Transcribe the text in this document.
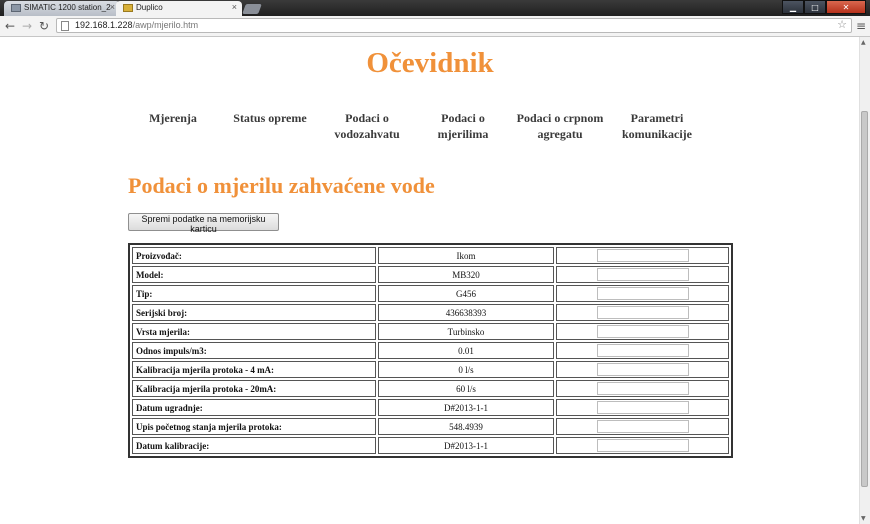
SIMATIC 1200 station_2 ×	Duplico	×	▁	□	✕
← → ↻	192.168.1.228/awp/mjerilo.htm	☆ ≡
▲
▼
Očevidnik
Mjerenja	Status opreme	Podaci o
vodozahvatu
Podaci o
mjerilima
Podaci o crpnom
agregatu
Parametri
komunikacije
Podaci o mjerilu zahvaćene vode
Spremi podatke na memorijsku karticu
Proizvođač:	Ikom	
Model:	MB320	
Tip:	G456	
Serijski broj:	436638393	
Vrsta mjerila:	Turbinsko	
Odnos impuls/m3:	0.01	
Kalibracija mjerila protoka - 4 mA:	0 l/s	
Kalibracija mjerila protoka - 20mA:	60 l/s	
Datum ugradnje:	D#2013-1-1	
Upis početnog stanja mjerila protoka:	548.4939	
Datum kalibracije:	D#2013-1-1	
